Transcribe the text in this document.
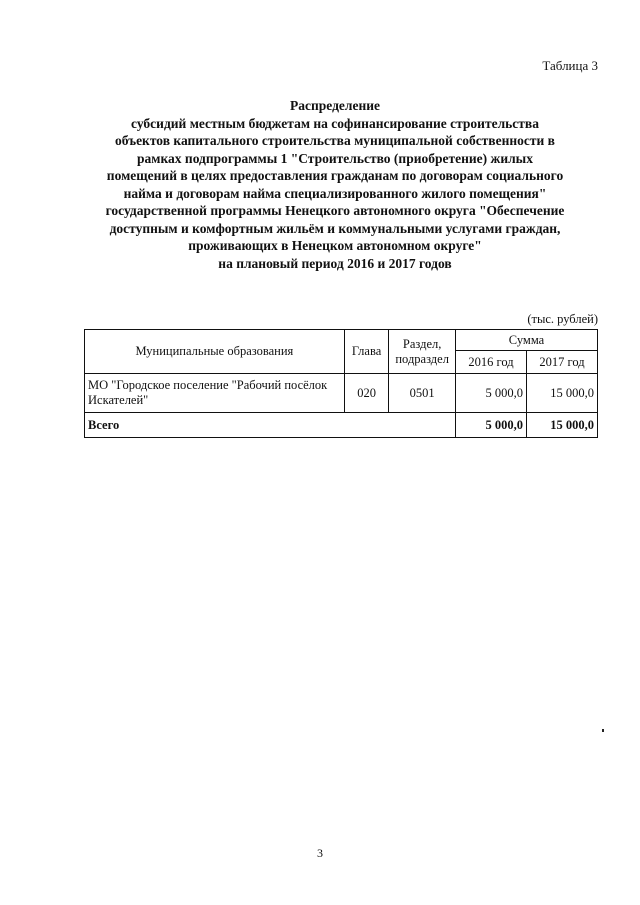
Таблица 3
Распределение
субсидий местным бюджетам на софинансирование строительства
объектов капитального строительства муниципальной собственности в
рамках подпрограммы 1 "Строительство (приобретение) жилых
помещений в целях предоставления гражданам по договорам социального
найма и договорам найма специализированного жилого помещения"
государственной программы Ненецкого автономного округа "Обеспечение
доступным и комфортным жильём и коммунальными услугами граждан,
проживающих в Ненецком автономном округе"
на плановый период 2016 и 2017 годов
(тыс. рублей)
Муниципальные образования	Глава	Раздел, подраздел	Сумма	
			2016 год	2017 год
МО "Городское поселение "Рабочий посёлок Искателей"	020	0501	5 000,0	15 000,0
Всего			5 000,0	15 000,0
3
